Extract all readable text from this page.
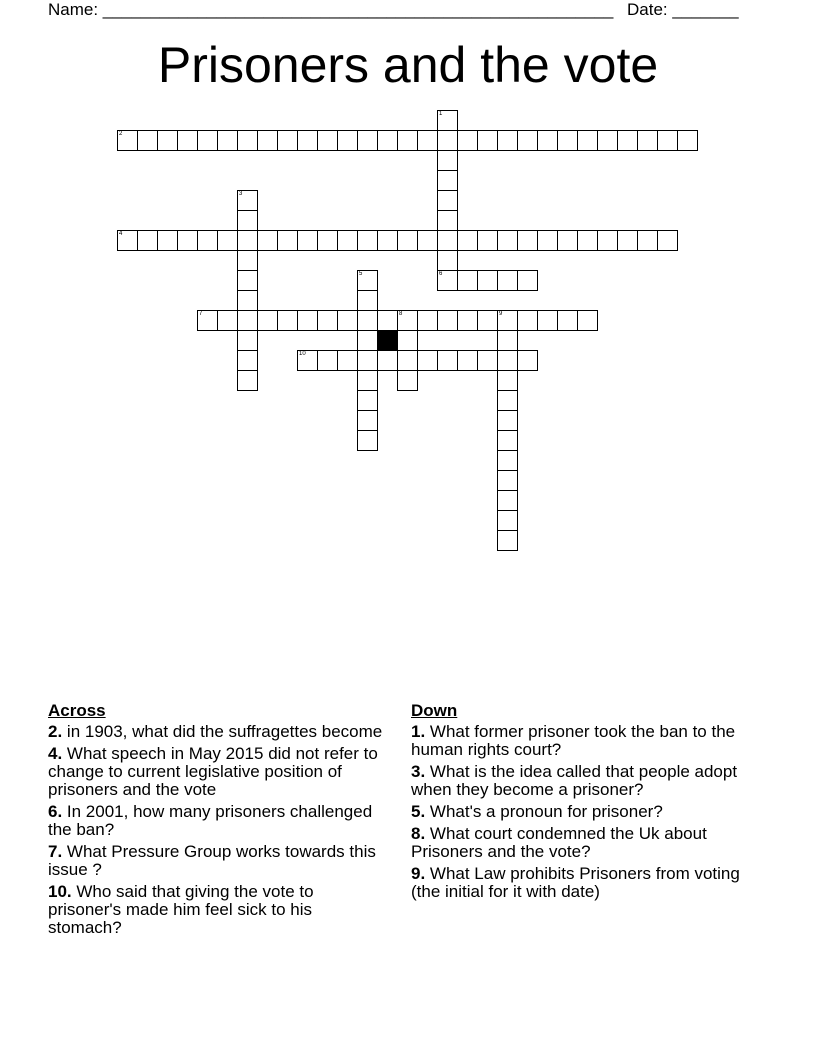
Name: ______________________________________________________ Date: _______
Prisoners and the vote
1
2
3
4
5	6
7	8	9
10
Across
2. in 1903, what did the suffragettes become
4. What speech in May 2015 did not refer to change to current legislative position of prisoners and the vote
6. In 2001, how many prisoners challenged the ban?
7. What Pressure Group works towards this issue ?
10. Who said that giving the vote to prisoner's made him feel sick to his stomach?
Down
1. What former prisoner took the ban to the human rights court?
3. What is the idea called that people adopt when they become a prisoner?
5. What's a pronoun for prisoner?
8. What court condemned the Uk about Prisoners and the vote?
9. What Law prohibits Prisoners from voting (the initial for it with date)
